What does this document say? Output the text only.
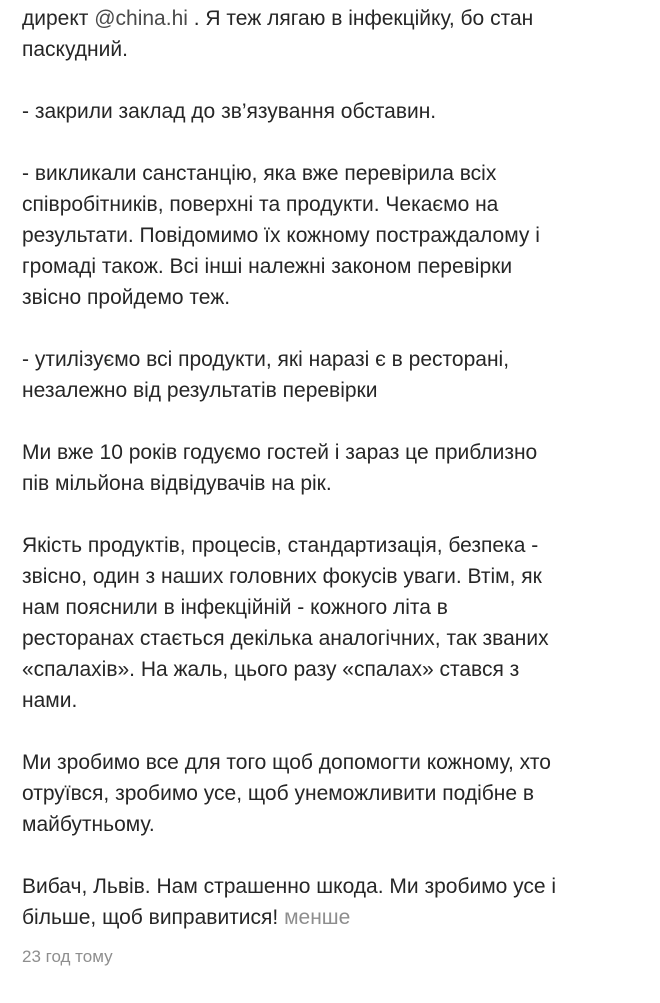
директ @china.hi . Я теж лягаю в інфекційку, бо стан
паскудний.

- закрили заклад до зв’язування обставин.

- викликали санстанцію, яка вже перевірила всіх
співробітників, поверхні та продукти. Чекаємо на
результати. Повідомимо їх кожному постраждалому і
громаді також. Всі інші належні законом перевірки
звісно пройдемо теж.

- утилізуємо всі продукти, які наразі є в ресторані,
незалежно від результатів перевірки

Ми вже 10 років годуємо гостей і зараз це приблизно
пів мільйона відвідувачів на рік.

Якість продуктів, процесів, стандартизація, безпека -
звісно, один з наших головних фокусів уваги. Втім, як
нам пояснили в інфекційній - кожного літа в
ресторанах стається декілька аналогічних, так званих
«спалахів». На жаль, цього разу «спалах» стався з
нами.

Ми зробимо все для того щоб допомогти кожному, хто
отруївся, зробимо усе, щоб унеможливити подібне в
майбутньому.

Вибач, Львів. Нам страшенно шкода. Ми зробимо усе і
більше, щоб виправитися! менше

23 год тому
